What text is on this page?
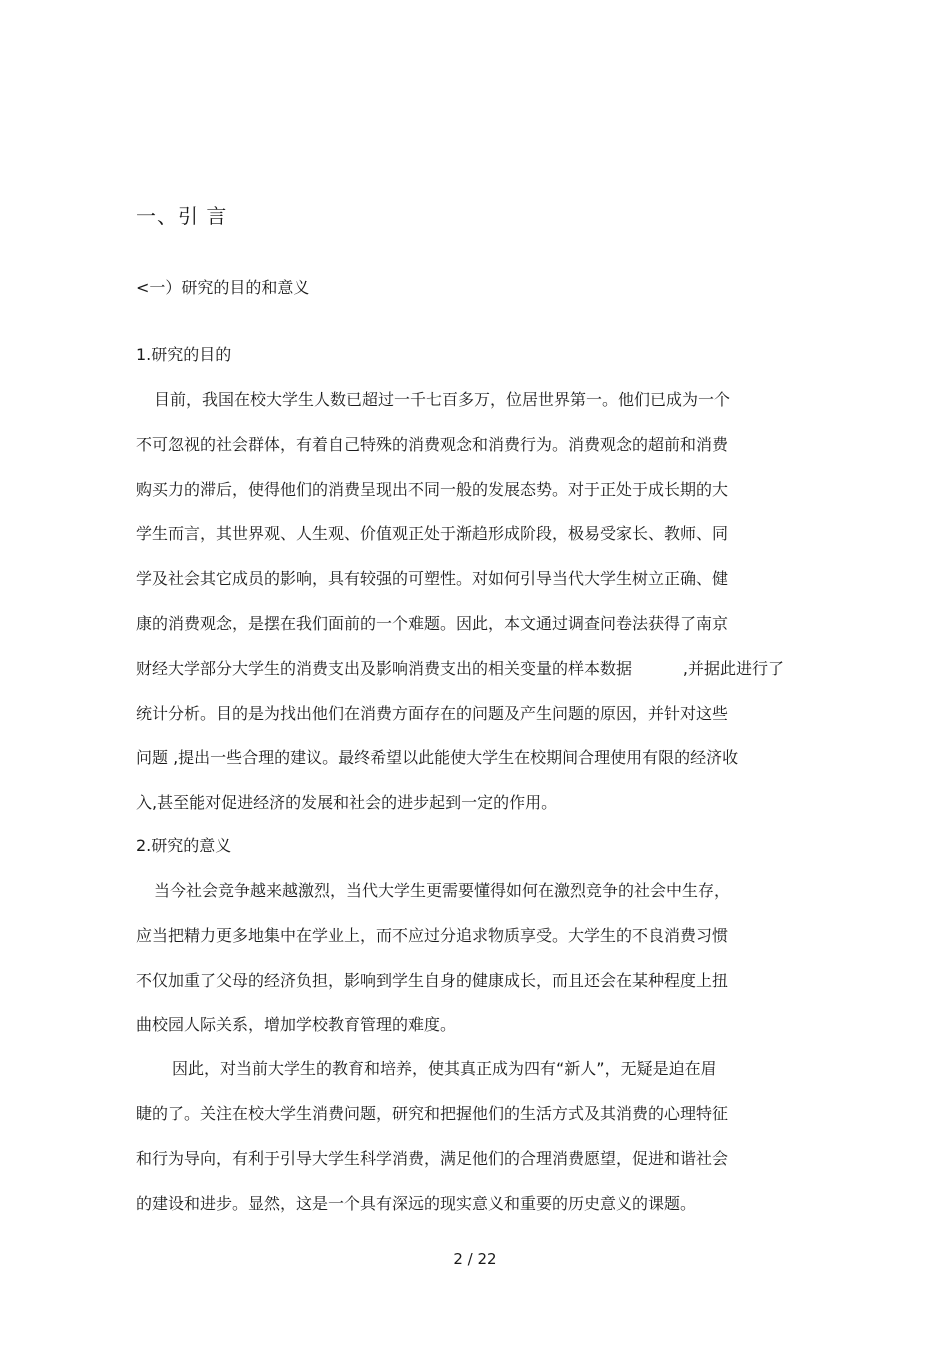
一、引 言
<一）研究的目的和意义
1.研究的目的
目前，我国在校大学生人数已超过一千七百多万，位居世界第一。他们已成为一个
不可忽视的社会群体，有着自己特殊的消费观念和消费行为。消费观念的超前和消费
购买力的滞后，使得他们的消费呈现出不同一般的发展态势。对于正处于成长期的大
学生而言，其世界观、人生观、价值观正处于渐趋形成阶段，极易受家长、教师、同
学及社会其它成员的影响，具有较强的可塑性。对如何引导当代大学生树立正确、健
康的消费观念，是摆在我们面前的一个难题。因此，本文通过调查问卷法获得了南京
财经大学部分大学生的消费支出及影响消费支出的相关变量的样本数据          ,并据此进行了
统计分析。目的是为找出他们在消费方面存在的问题及产生问题的原因，并针对这些
问题 ,提出一些合理的建议。最终希望以此能使大学生在校期间合理使用有限的经济收
入,甚至能对促进经济的发展和社会的进步起到一定的作用。
2.研究的意义
当今社会竞争越来越激烈，当代大学生更需要懂得如何在激烈竞争的社会中生存，
应当把精力更多地集中在学业上，而不应过分追求物质享受。大学生的不良消费习惯
不仅加重了父母的经济负担，影响到学生自身的健康成长，而且还会在某种程度上扭
曲校园人际关系，增加学校教育管理的难度。
因此，对当前大学生的教育和培养，使其真正成为四有“新人”，无疑是迫在眉
睫的了。关注在校大学生消费问题，研究和把握他们的生活方式及其消费的心理特征
和行为导向，有利于引导大学生科学消费，满足他们的合理消费愿望，促进和谐社会
的建设和进步。显然，这是一个具有深远的现实意义和重要的历史意义的课题。
2 / 22
